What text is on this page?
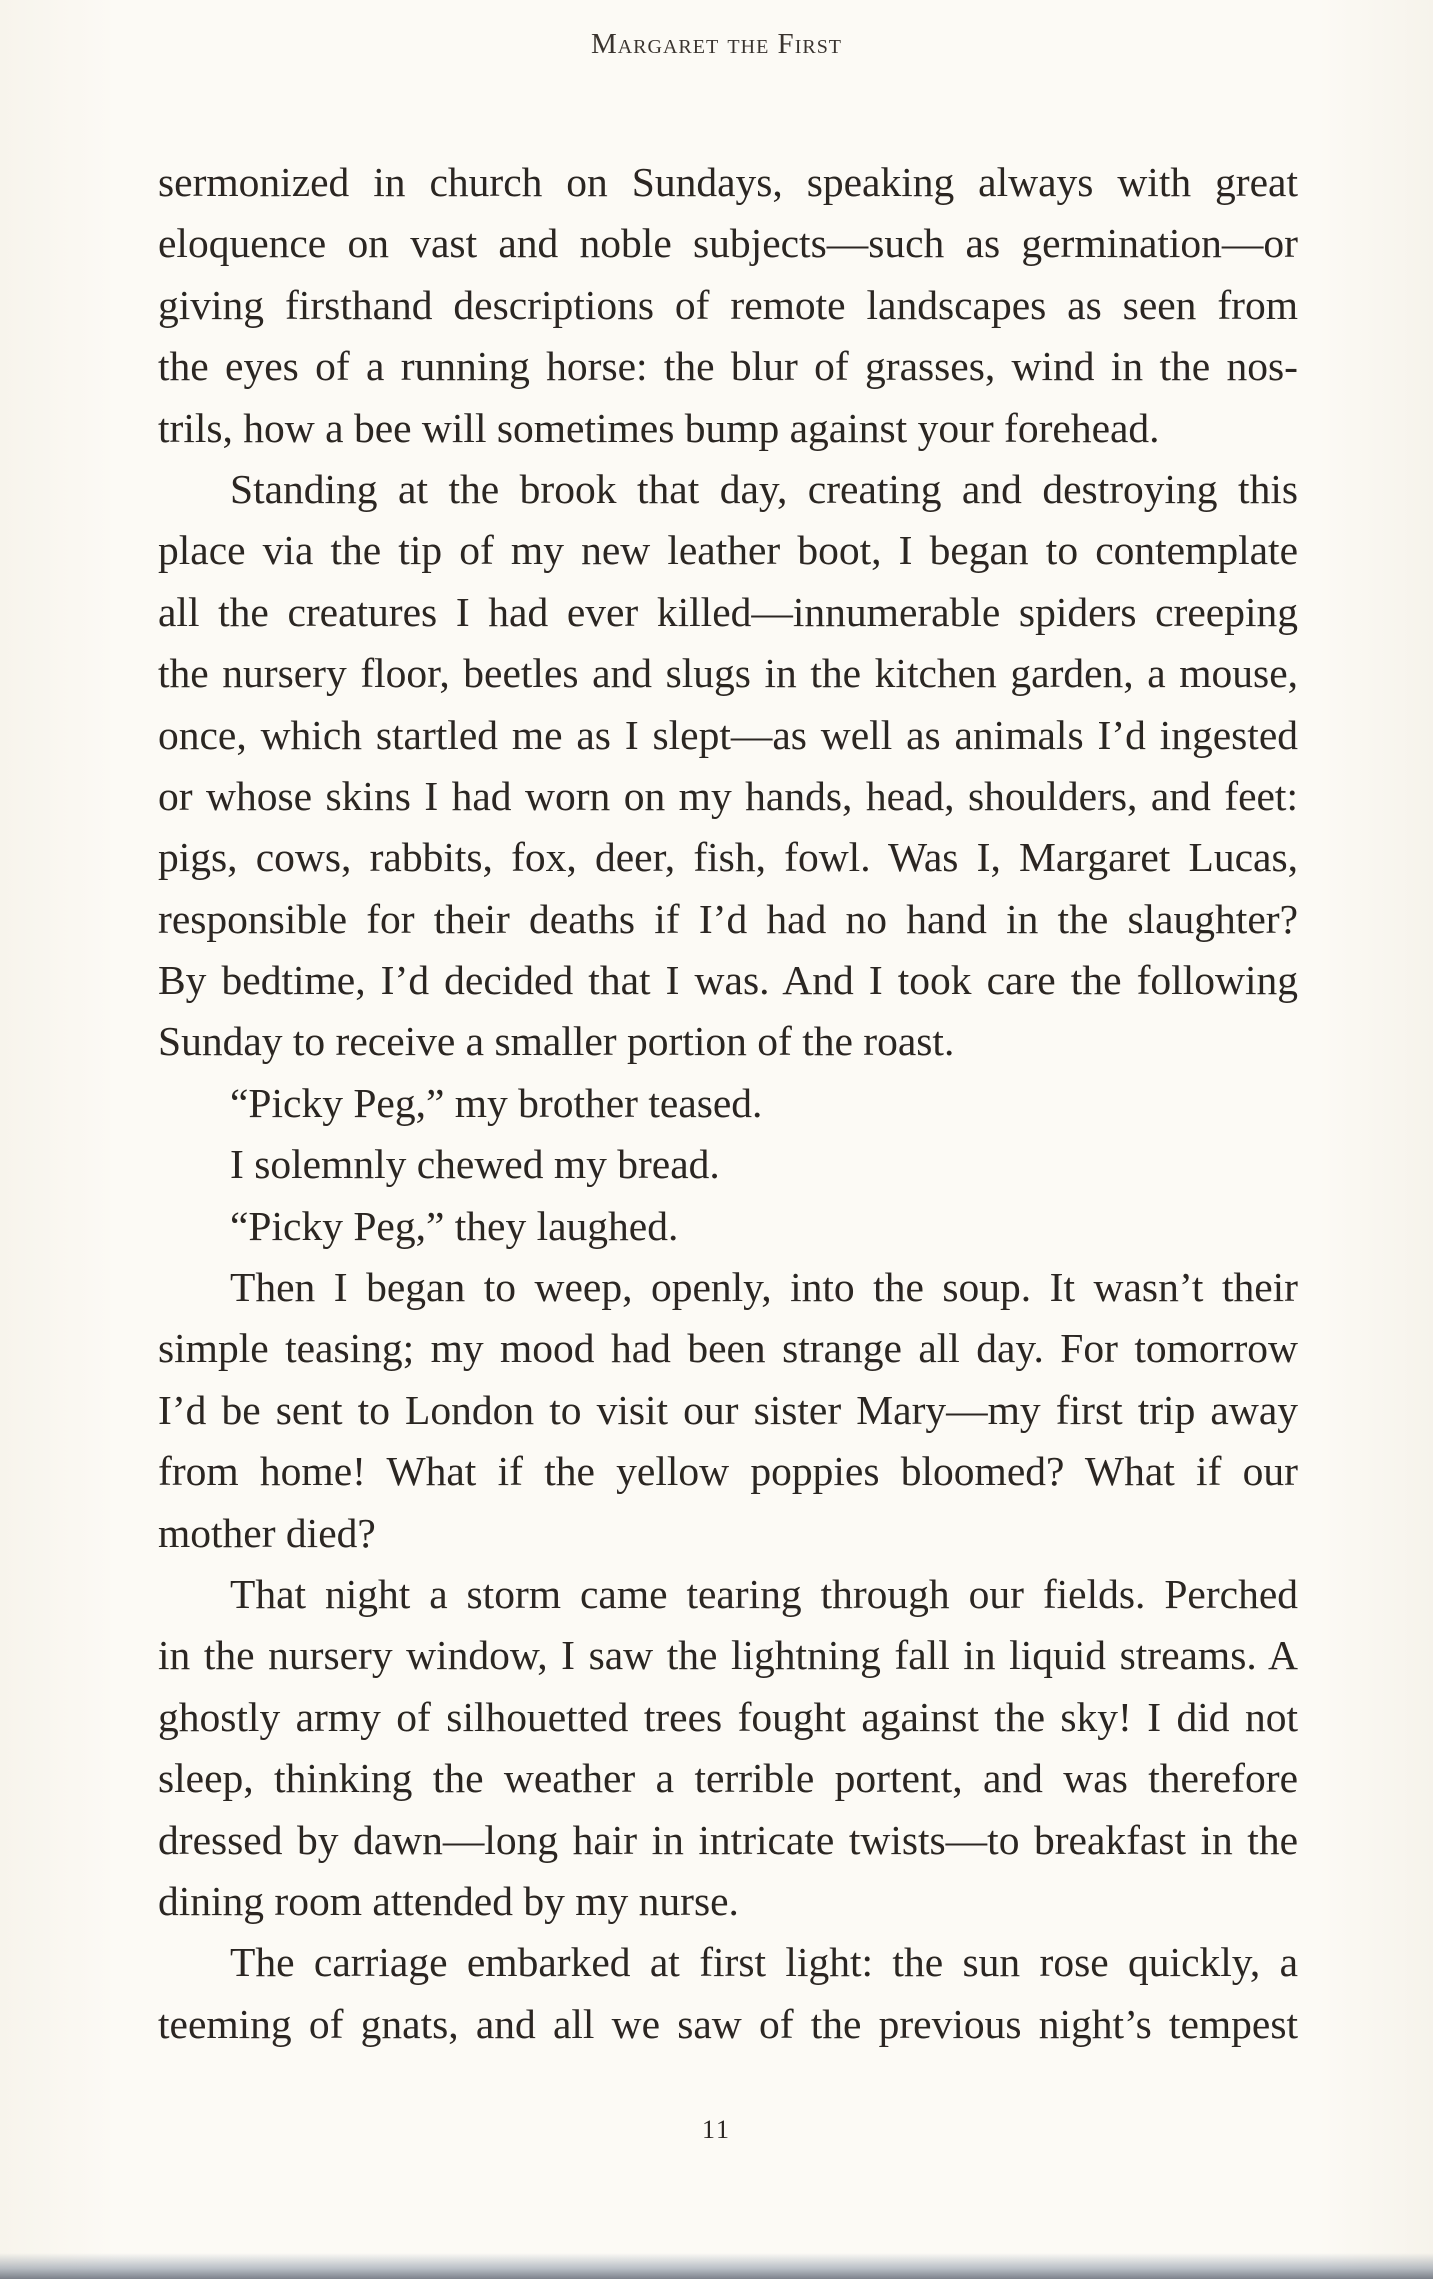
Margaret the First
sermonized in church on Sundays, speaking always with great
eloquence on vast and noble subjects—such as germination—or
giving firsthand descriptions of remote landscapes as seen from
the eyes of a running horse: the blur of grasses, wind in the nos-
trils, how a bee will sometimes bump against your forehead.
Standing at the brook that day, creating and destroying this
place via the tip of my new leather boot, I began to contemplate
all the creatures I had ever killed—innumerable spiders creeping
the nursery floor, beetles and slugs in the kitchen garden, a mouse,
once, which startled me as I slept—as well as animals I’d ingested
or whose skins I had worn on my hands, head, shoulders, and feet:
pigs, cows, rabbits, fox, deer, fish, fowl. Was I, Margaret Lucas,
responsible for their deaths if I’d had no hand in the slaughter?
By bedtime, I’d decided that I was. And I took care the following
Sunday to receive a smaller portion of the roast.
“Picky Peg,” my brother teased.
I solemnly chewed my bread.
“Picky Peg,” they laughed.
Then I began to weep, openly, into the soup. It wasn’t their
simple teasing; my mood had been strange all day. For tomorrow
I’d be sent to London to visit our sister Mary—my first trip away
from home! What if the yellow poppies bloomed? What if our
mother died?
That night a storm came tearing through our fields. Perched
in the nursery window, I saw the lightning fall in liquid streams. A
ghostly army of silhouetted trees fought against the sky! I did not
sleep, thinking the weather a terrible portent, and was therefore
dressed by dawn—long hair in intricate twists—to breakfast in the
dining room attended by my nurse.
The carriage embarked at first light: the sun rose quickly, a
teeming of gnats, and all we saw of the previous night’s tempest
11
